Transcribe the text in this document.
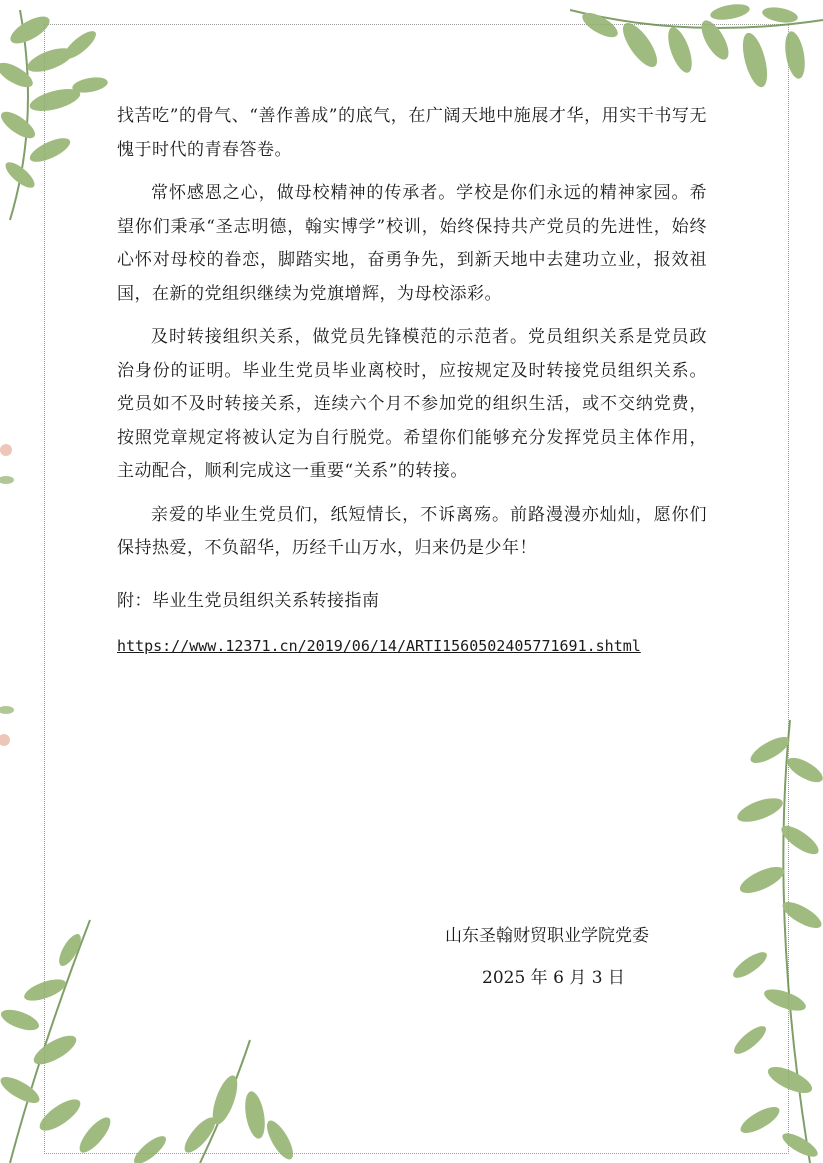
找苦吃”的骨气、“善作善成”的底气，在广阔天地中施展才华，用实干书写无愧于时代的青春答卷。

常怀感恩之心，做母校精神的传承者。学校是你们永远的精神家园。希望你们秉承“圣志明德，翰实博学”校训，始终保持共产党员的先进性，始终心怀对母校的眷恋，脚踏实地，奋勇争先，到新天地中去建功立业，报效祖国，在新的党组织继续为党旗增辉，为母校添彩。

及时转接组织关系，做党员先锋模范的示范者。党员组织关系是党员政治身份的证明。毕业生党员毕业离校时，应按规定及时转接党员组织关系。党员如不及时转接关系，连续六个月不参加党的组织生活，或不交纳党费，按照党章规定将被认定为自行脱党。希望你们能够充分发挥党员主体作用，主动配合，顺利完成这一重要“关系”的转接。

亲爱的毕业生党员们，纸短情长，不诉离殇。前路漫漫亦灿灿，愿你们保持热爱，不负韶华，历经千山万水，归来仍是少年！

附：毕业生党员组织关系转接指南

https://www.12371.cn/2019/06/14/ARTI1560502405771691.shtml
山东圣翰财贸职业学院党委
2025 年 6 月 3 日
